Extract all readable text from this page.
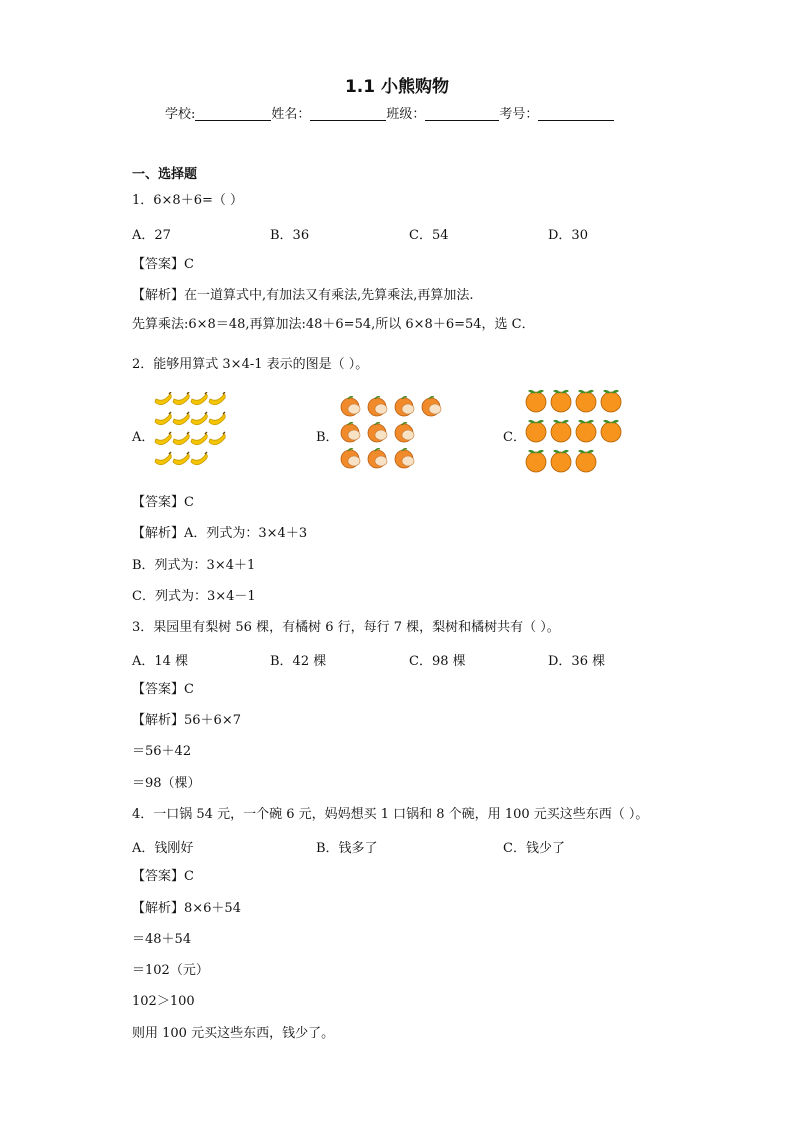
1.1 小熊购物
学校:	姓名：	班级：	考号：
一、选择题
1．6×8＋6=（ ）
A．27	B．36	C．54	D．30
【答案】C
【解析】在一道算式中,有加法又有乘法,先算乘法,再算加法.
先算乘法:6×8＝48,再算加法:48＋6=54,所以 6×8＋6=54，选 C．
2．能够用算式 3×4-1 表示的图是（ ）。
A．	B．	C．
【答案】C
【解析】A．列式为：3×4＋3
B．列式为：3×4＋1
C．列式为：3×4－1
3．果园里有梨树 56 棵，有橘树 6 行，每行 7 棵，梨树和橘树共有（ ）。
A．14 棵	B．42 棵	C．98 棵	D．36 棵
【答案】C
【解析】56＋6×7
＝56＋42
＝98（棵）
4．一口锅 54 元，一个碗 6 元，妈妈想买 1 口锅和 8 个碗，用 100 元买这些东西（ ）。
A．钱刚好	B．钱多了	C．钱少了
【答案】C
【解析】8×6＋54
＝48＋54
＝102（元）
102＞100
则用 100 元买这些东西，钱少了。
